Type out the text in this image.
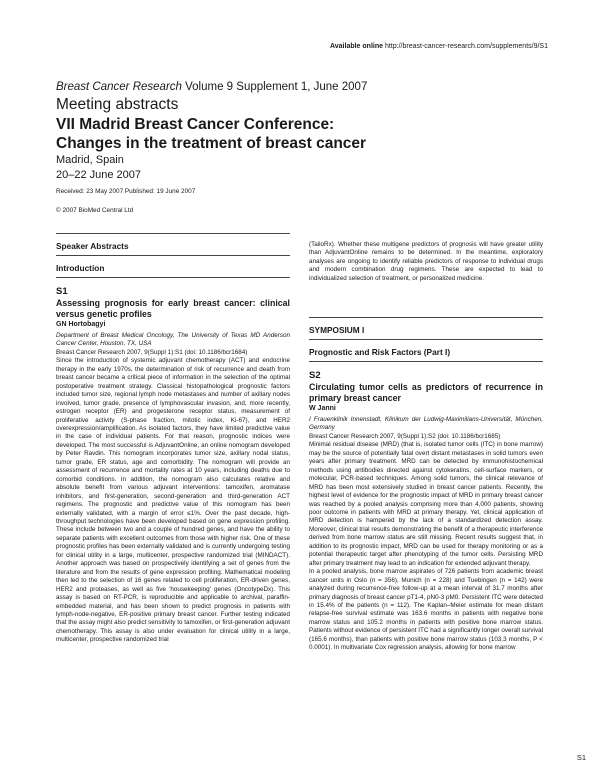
Available online http://breast-cancer-research.com/supplements/9/S1
Breast Cancer Research Volume 9 Supplement 1, June 2007
Meeting abstracts
VII Madrid Breast Cancer Conference:
Changes in the treatment of breast cancer
Madrid, Spain
20–22 June 2007
Received: 23 May 2007 Published: 19 June 2007
© 2007 BioMed Central Ltd
Speaker Abstracts
Introduction
S1
Assessing prognosis for early breast cancer: clinical versus genetic profiles
GN Hortobagyi
Department of Breast Medical Oncology, The University of Texas MD Anderson Cancer Center, Houston, TX, USA
Breast Cancer Research 2007, 9(Suppl 1):S1 (doi: 10.1186/bcr1684)

Since the introduction of systemic adjuvant chemotherapy (ACT) and endocrine therapy in the early 1970s, the determination of risk of recurrence and death from breast cancer became a critical piece of information in the selection of the optimal postoperative treatment strategy. Classical histopathological prognostic factors included tumor size, regional lymph node metastases and number of axillary nodes involved, tumor grade, presence of lymphovascular invasion, and, more recently, estrogen receptor (ER) and progesterone receptor status, measurement of proliferative activity (S-phase fraction, mitotic index, Ki-67), and HER2 overexpression/amplification. As isolated factors, they have limited predictive value in the case of individual patients. For that reason, prognostic indices were developed. The most successful is AdjuvantOnline, an online nomogram developed by Peter Ravdin. This nomogram incorporates tumor size, axillary nodal status, tumor grade, ER status, age and comorbidity. The nomogram will provide an assessment of recurrence and mortality rates at 10 years, including deaths due to comorbid conditions. In addition, the nomogram also calculates relative and absolute benefit from various adjuvant interventions: tamoxifen, aromatase inhibitors, and first-generation, second-generation and third-generation ACT regimens. The prognostic and predictive value of this nomogram has been externally validated, with a margin of error ≤1%. Over the past decade, high-throughput technologies have been developed based on gene expression profiling. These include between two and a couple of hundred genes, and have the ability to separate patients with excellent outcomes from those with higher risk. One of these prognostic profiles has been externally validated and is currently undergoing testing for clinical utility in a large, multicenter, prospective randomized trial (MINDACT). Another approach was based on prospectively identifying a set of genes from the literature and from the results of gene expression profiling. Mathematical modeling then led to the selection of 16 genes related to cell proliferation, ER-driven genes, HER2 and proteases, as well as five 'housekeeping' genes (OncotypeDx). This assay is based on RT-PCR, is reproducible and applicable to archival, paraffin-embedded material, and has been shown to predict prognosis in patients with lymph-node-negative, ER-positive primary breast cancer. Further testing indicated that the assay might also predict sensitivity to tamoxifen, or first-generation adjuvant chemotherapy. This assay is also under evaluation for clinical utility in a large, multicenter, prospective randomized trial

(TailoRx). Whether these multigene predictors of prognosis will have greater utility than AdjuvantOnline remains to be determined. In the meantime, exploratory analyses are ongoing to identify reliable predictors of response to individual drugs and modern combination drug regimens. These are expected to lead to individualized selection of treatment, or personalized medicine.

SYMPOSIUM I
Prognostic and Risk Factors (Part I)
S2
Circulating tumor cells as predictors of recurrence in primary breast cancer
W Janni
I Frauenklinik Innenstadt, Klinikum der Ludwig-Maximilians-Universität, München, Germany
Breast Cancer Research 2007, 9(Suppl 1):S2 (doi: 10.1186/bcr1685)

Minimal residual disease (MRD) (that is, isolated tumor cells (ITC) in bone marrow) may be the source of potentially fatal overt distant metastases in solid tumors even years after primary treatment. MRD can be detected by immunohistochemical methods using antibodies directed against cytokeratins, cell-surface markers, or molecular, PCR-based techniques. Among solid tumors, the clinical relevance of MRD has been most extensively studied in breast cancer patients. Recently, the highest level of evidence for the prognostic impact of MRD in primary breast cancer was reached by a pooled analysis comprising more than 4,000 patients, showing poor outcome in patients with MRD at primary therapy. Yet, clinical application of MRD detection is hampered by the lack of a standardized detection assay. Moreover, clinical trial results demonstrating the benefit of a therapeutic interference derived from bone marrow status are still missing. Recent results suggest that, in addition to its prognostic impact, MRD can be used for therapy monitoring or as a potential therapeutic target after phenotyping of the tumor cells. Persisting MRD after primary treatment may lead to an indication for extended adjuvant therapy.

In a pooled analysis, bone marrow aspirates of 726 patients from academic breast cancer units in Oslo (n = 356), Munich (n = 228) and Tuebingen (n = 142) were analyzed during recurrence-free follow-up at a mean interval of 31.7 months after primary diagnosis of breast cancer pT1-4, pN0-3 pM0. Persistent ITC were detected in 15.4% of the patients (n = 112). The Kaplan–Meier estimate for mean distant relapse-free survival estimate was 163.6 months in patients with negative bone marrow status and 105.2 months in patients with positive bone marrow status. Patients without evidence of persistent ITC had a significantly longer overall survival (165.6 months), than patients with positive bone marrow status (103.3 months, P < 0.0001). In multivariate Cox regression analysis, allowing for bone marrow

S1
